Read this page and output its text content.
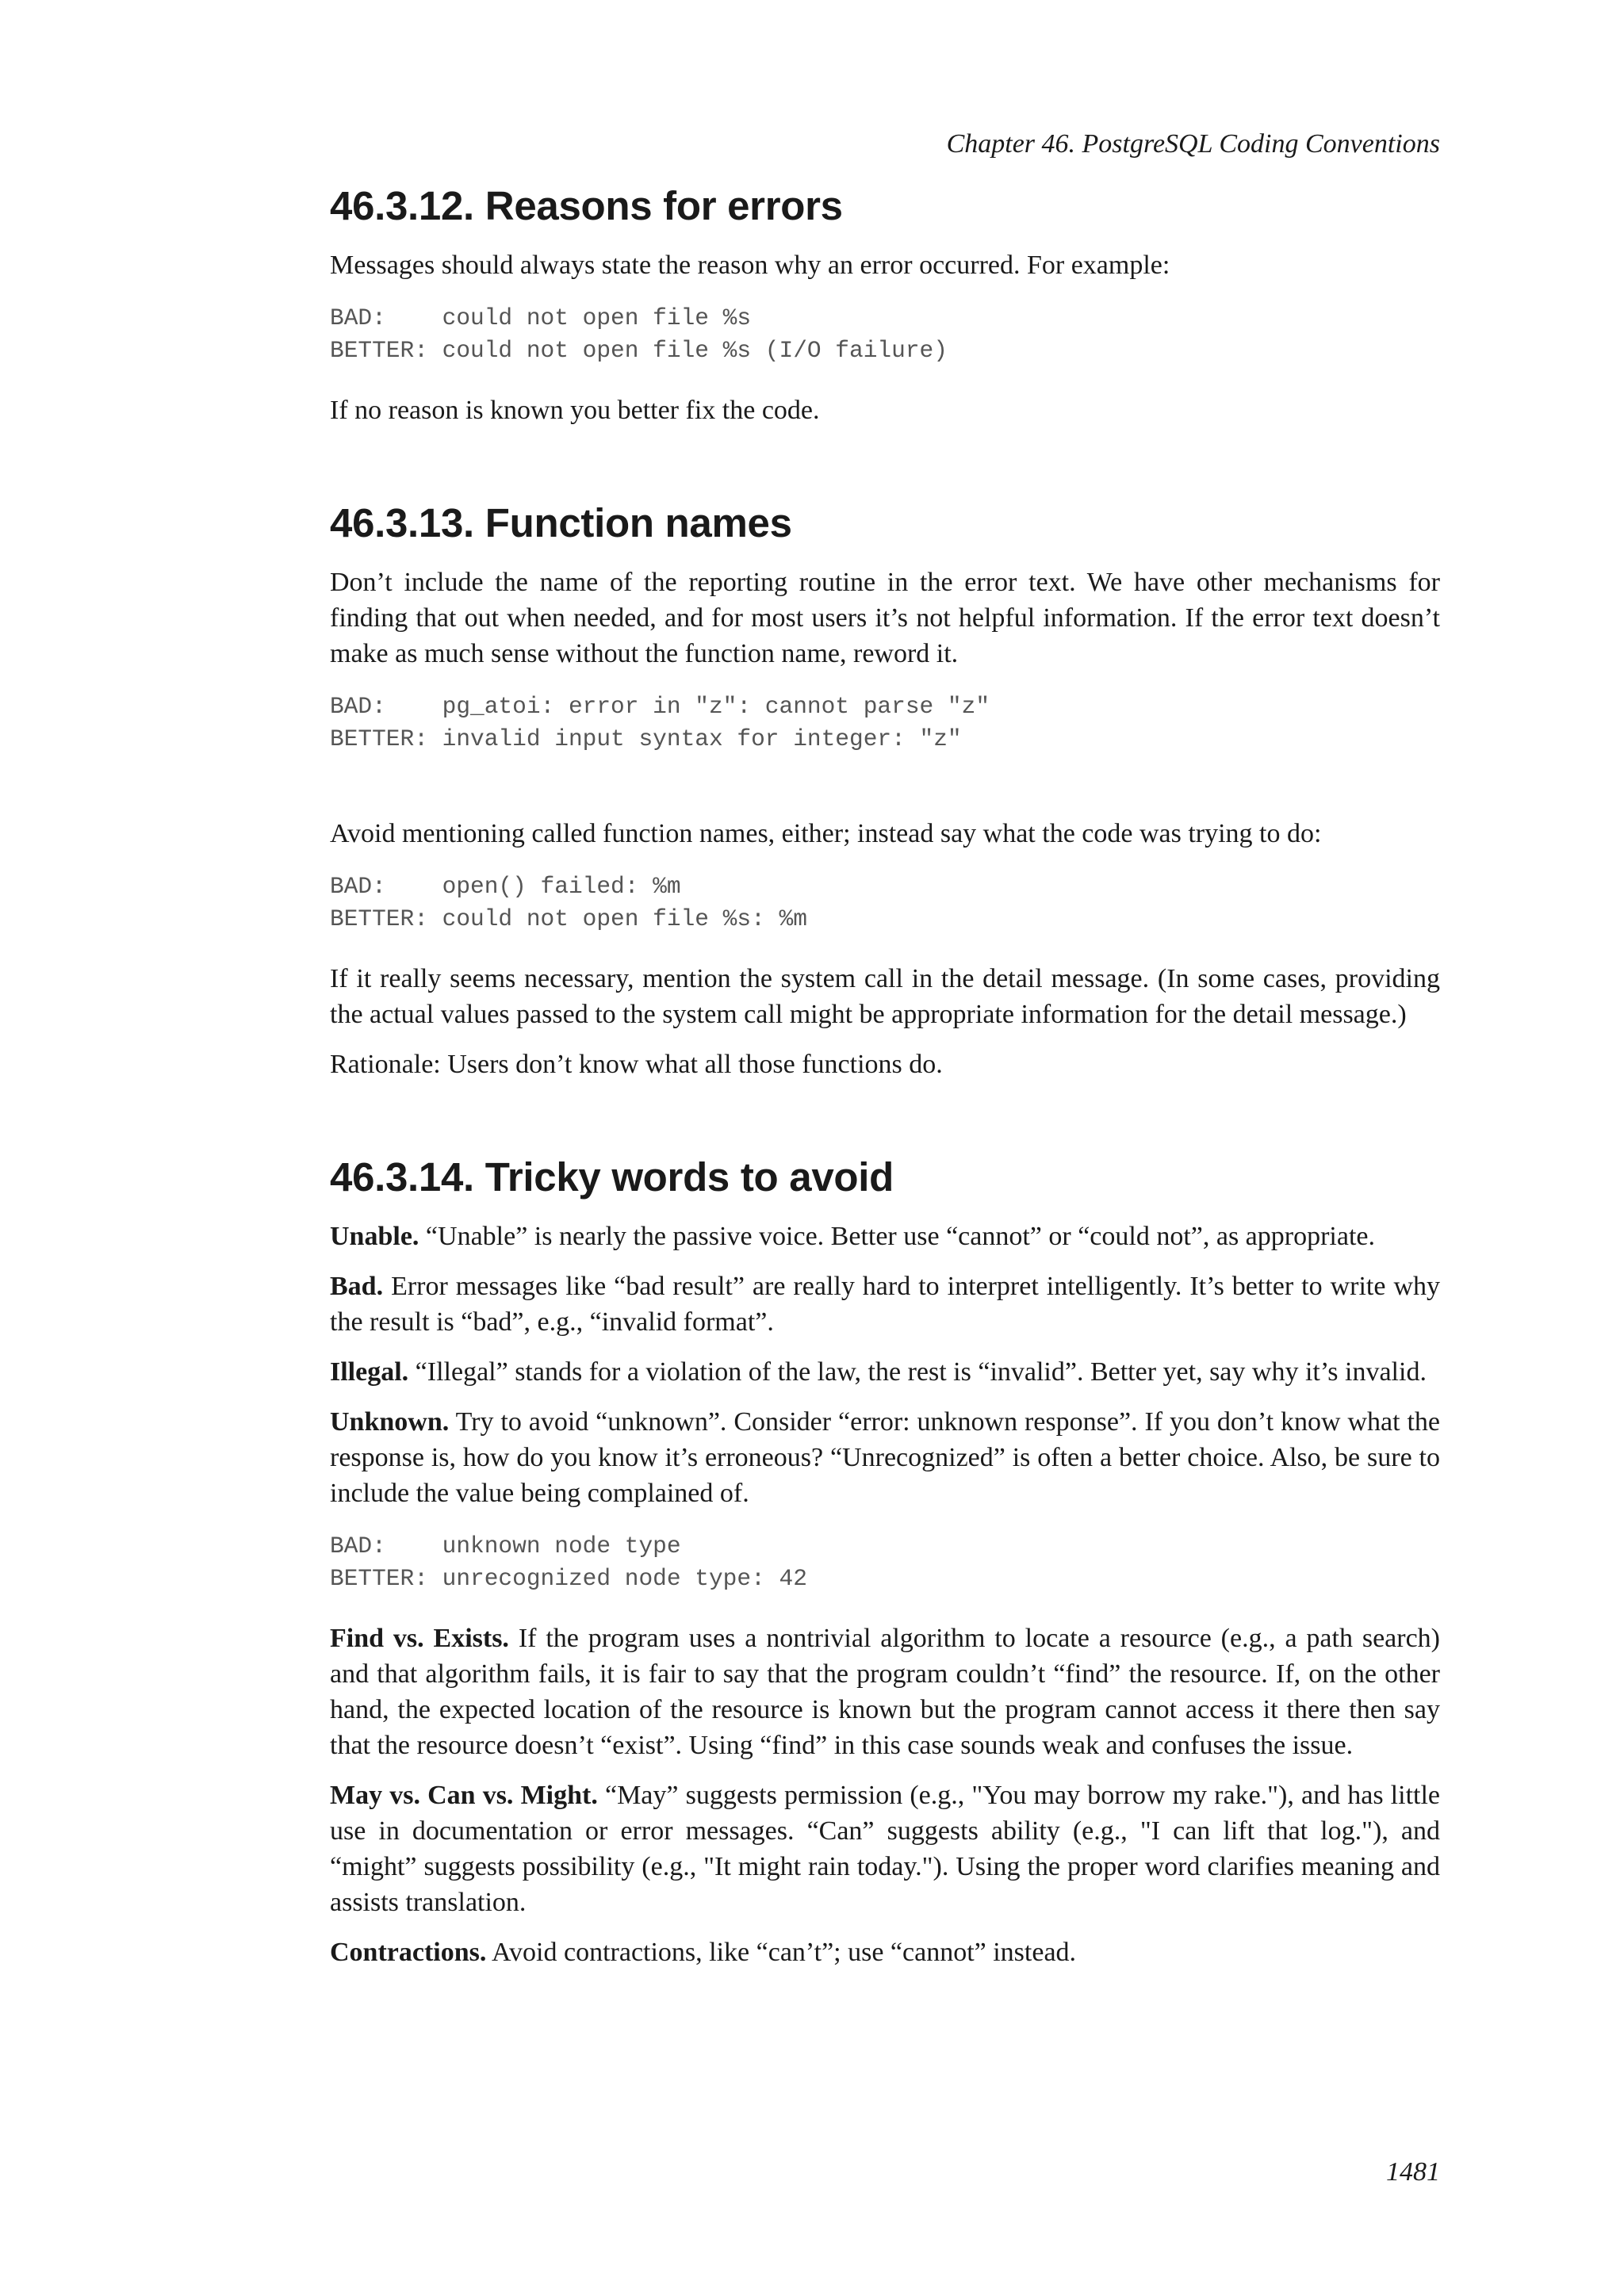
Chapter 46. PostgreSQL Coding Conventions
46.3.12. Reasons for errors

Messages should always state the reason why an error occurred. For example:

BAD:    could not open file %s
BETTER: could not open file %s (I/O failure)

If no reason is known you better fix the code.

46.3.13. Function names

Don’t include the name of the reporting routine in the error text. We have other mechanisms for finding that out when needed, and for most users it’s not helpful information. If the error text doesn’t make as much sense without the function name, reword it.

BAD:    pg_atoi: error in "z": cannot parse "z"
BETTER: invalid input syntax for integer: "z"

Avoid mentioning called function names, either; instead say what the code was trying to do:

BAD:    open() failed: %m
BETTER: could not open file %s: %m

If it really seems necessary, mention the system call in the detail message. (In some cases, providing the actual values passed to the system call might be appropriate information for the detail message.)

Rationale: Users don’t know what all those functions do.

46.3.14. Tricky words to avoid

Unable. “Unable” is nearly the passive voice. Better use “cannot” or “could not”, as appropriate.

Bad. Error messages like “bad result” are really hard to interpret intelligently. It’s better to write why the result is “bad”, e.g., “invalid format”.

Illegal. “Illegal” stands for a violation of the law, the rest is “invalid”. Better yet, say why it’s invalid.

Unknown. Try to avoid “unknown”. Consider “error: unknown response”. If you don’t know what the response is, how do you know it’s erroneous? “Unrecognized” is often a better choice. Also, be sure to include the value being complained of.

BAD:    unknown node type
BETTER: unrecognized node type: 42

Find vs. Exists. If the program uses a nontrivial algorithm to locate a resource (e.g., a path search) and that algorithm fails, it is fair to say that the program couldn’t “find” the resource. If, on the other hand, the expected location of the resource is known but the program cannot access it there then say that the resource doesn’t “exist”. Using “find” in this case sounds weak and confuses the issue.

May vs. Can vs. Might. “May” suggests permission (e.g., "You may borrow my rake."), and has little use in documentation or error messages. “Can” suggests ability (e.g., "I can lift that log."), and “might” suggests possibility (e.g., "It might rain today."). Using the proper word clarifies meaning and assists translation.

Contractions. Avoid contractions, like “can’t”; use “cannot” instead.

1481
